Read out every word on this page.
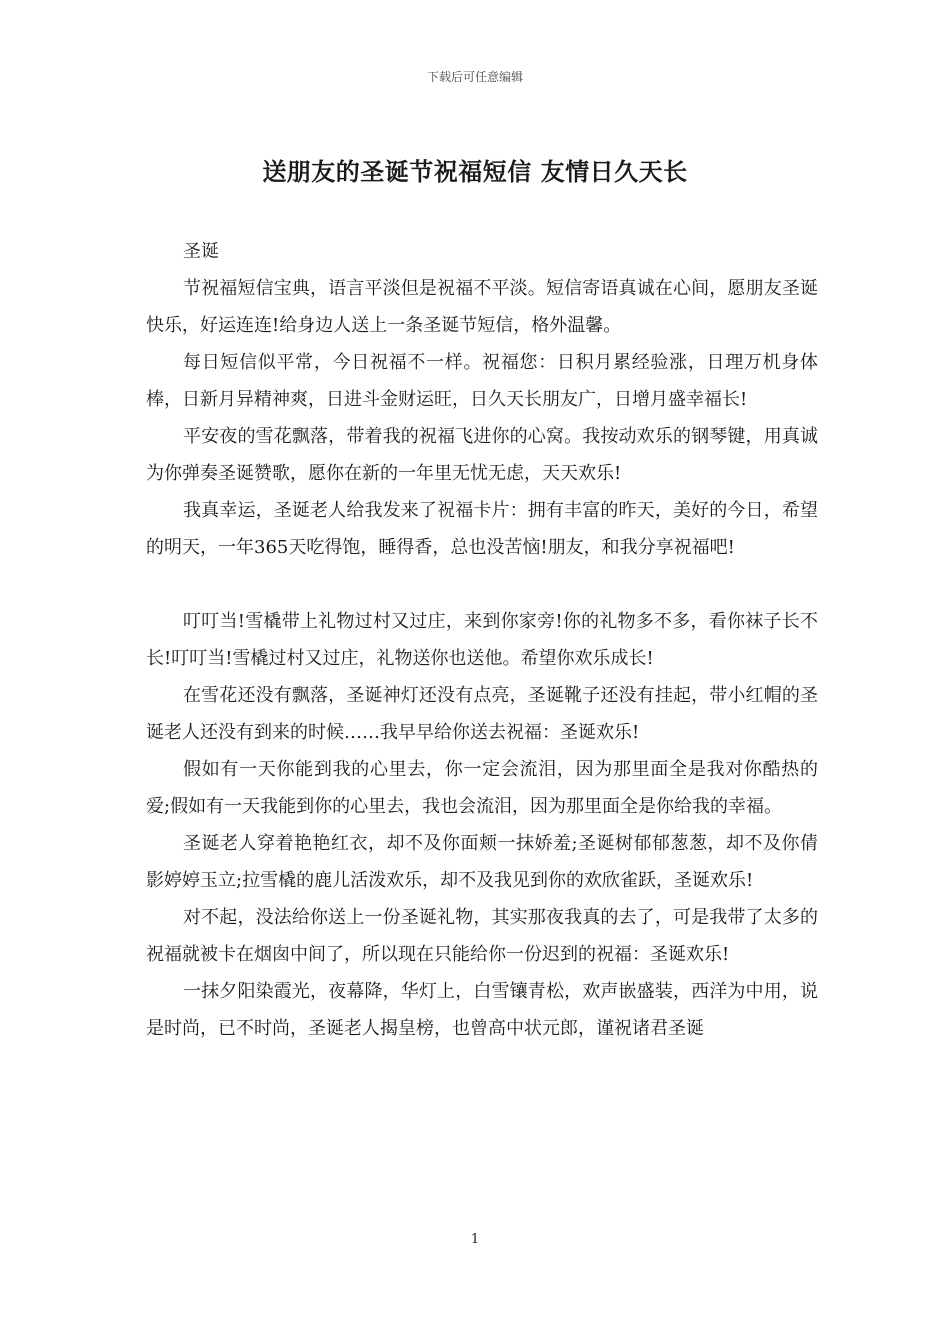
下载后可任意编辑
送朋友的圣诞节祝福短信 友情日久天长

圣诞

节祝福短信宝典，语言平淡但是祝福不平淡。短信寄语真诚在心间，愿朋友圣诞快乐，好运连连!给身边人送上一条圣诞节短信，格外温馨。

每日短信似平常，今日祝福不一样。祝福您：日积月累经验涨，日理万机身体棒，日新月异精神爽，日进斗金财运旺，日久天长朋友广，日增月盛幸福长!

平安夜的雪花飘落，带着我的祝福飞进你的心窝。我按动欢乐的钢琴键，用真诚为你弹奏圣诞赞歌，愿你在新的一年里无忧无虑，天天欢乐!

我真幸运，圣诞老人给我发来了祝福卡片：拥有丰富的昨天，美好的今日，希望的明天，一年365天吃得饱，睡得香，总也没苦恼!朋友，和我分享祝福吧!

叮叮当!雪橇带上礼物过村又过庄，来到你家旁!你的礼物多不多，看你袜子长不长!叮叮当!雪橇过村又过庄，礼物送你也送他。希望你欢乐成长!

在雪花还没有飘落，圣诞神灯还没有点亮，圣诞靴子还没有挂起，带小红帽的圣诞老人还没有到来的时候……我早早给你送去祝福：圣诞欢乐!

假如有一天你能到我的心里去，你一定会流泪，因为那里面全是我对你酷热的爱;假如有一天我能到你的心里去，我也会流泪，因为那里面全是你给我的幸福。

圣诞老人穿着艳艳红衣，却不及你面颊一抹娇羞;圣诞树郁郁葱葱，却不及你倩影婷婷玉立;拉雪橇的鹿儿活泼欢乐，却不及我见到你的欢欣雀跃，圣诞欢乐!

对不起，没法给你送上一份圣诞礼物，其实那夜我真的去了，可是我带了太多的祝福就被卡在烟囱中间了，所以现在只能给你一份迟到的祝福：圣诞欢乐!

一抹夕阳染霞光，夜幕降，华灯上，白雪镶青松，欢声嵌盛装，西洋为中用，说是时尚，已不时尚，圣诞老人揭皇榜，也曾高中状元郎，谨祝诸君圣诞

1
